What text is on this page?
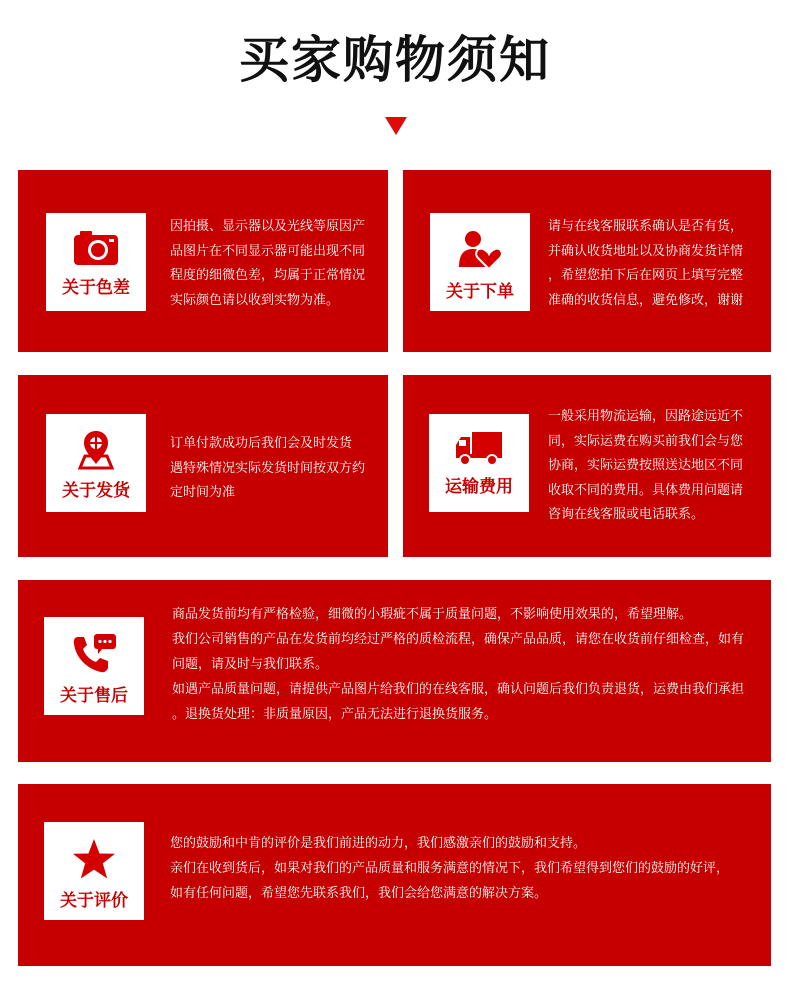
买家购物须知
关于色差
因拍摄、显示器以及光线等原因产
品图片在不同显示器可能出现不同
程度的细微色差，均属于正常情况
实际颜色请以收到实物为准。	关于下单
请与在线客服联系确认是否有货，
并确认收货地址以及协商发货详情
，希望您拍下后在网页上填写完整
准确的收货信息，避免修改，谢谢
关于发货
订单付款成功后我们会及时发货
遇特殊情况实际发货时间按双方约
定时间为准	运输费用
一般采用物流运输，因路途远近不
同，实际运费在购买前我们会与您
协商，实际运费按照送达地区不同
收取不同的费用。具体费用问题请
咨询在线客服或电话联系。
关于售后
商品发货前均有严格检验，细微的小瑕疵不属于质量问题，不影响使用效果的，希望理解。
我们公司销售的产品在发货前均经过严格的质检流程，确保产品品质，请您在收货前仔细检查，如有
问题，请及时与我们联系。
如遇产品质量问题，请提供产品图片给我们的在线客服，确认问题后我们负责退货，运费由我们承担
。退换货处理：非质量原因，产品无法进行退换货服务。
关于评价
您的鼓励和中肯的评价是我们前进的动力，我们感激亲们的鼓励和支持。
亲们在收到货后，如果对我们的产品质量和服务满意的情况下，我们希望得到您们的鼓励的好评，
如有任何问题，希望您先联系我们，我们会给您满意的解决方案。
